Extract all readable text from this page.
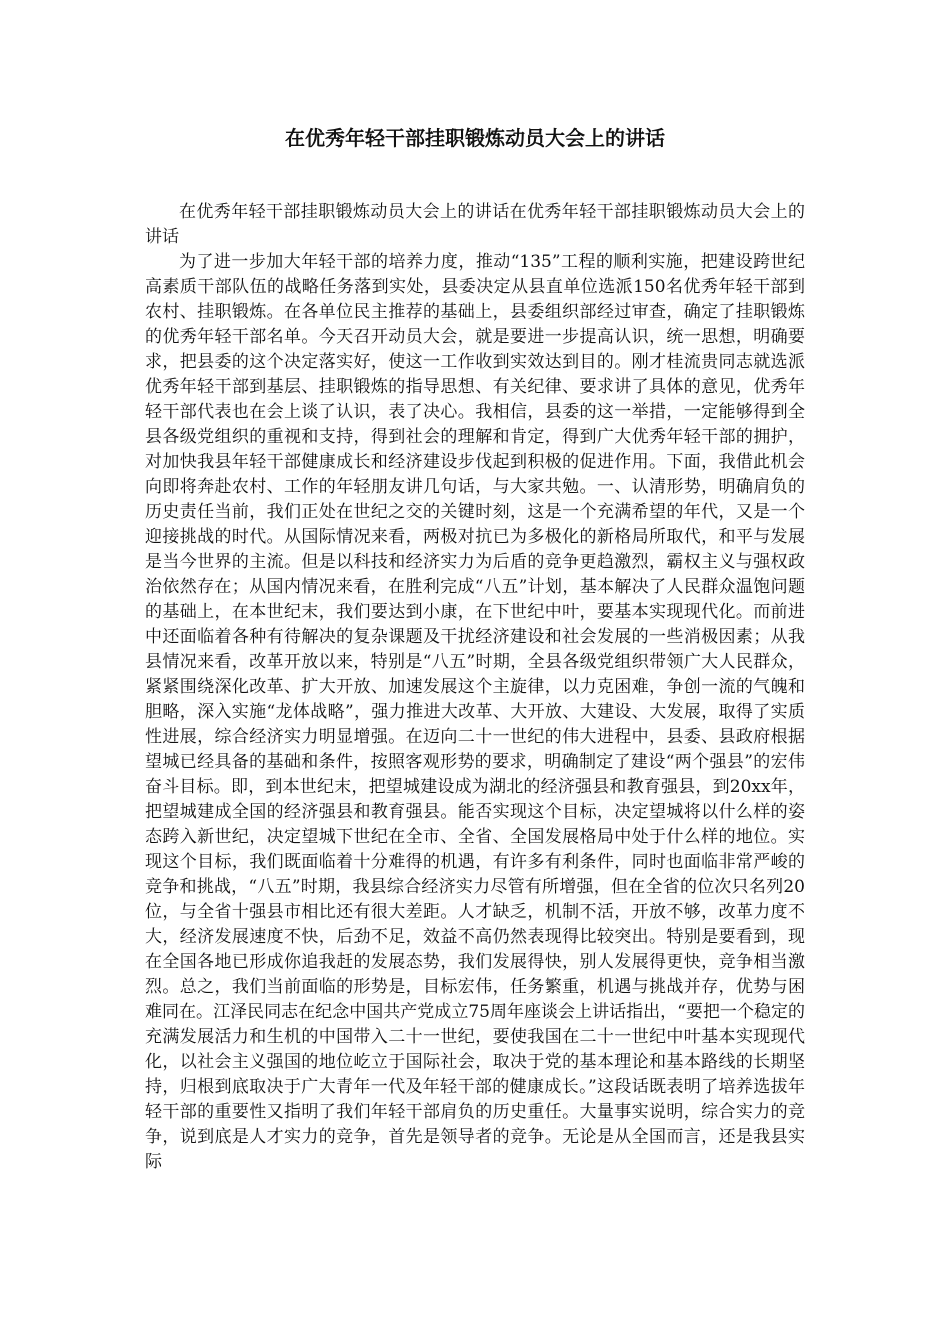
在优秀年轻干部挂职锻炼动员大会上的讲话

在优秀年轻干部挂职锻炼动员大会上的讲话在优秀年轻干部挂职锻炼动员大会上的讲话

为了进一步加大年轻干部的培养力度，推动“135”工程的顺利实施，把建设跨世纪高素质干部队伍的战略任务落到实处，县委决定从县直单位选派150名优秀年轻干部到农村、挂职锻炼。在各单位民主推荐的基础上，县委组织部经过审查，确定了挂职锻炼的优秀年轻干部名单。今天召开动员大会，就是要进一步提高认识，统一思想，明确要求，把县委的这个决定落实好，使这一工作收到实效达到目的。刚才桂流贵同志就选派优秀年轻干部到基层、挂职锻炼的指导思想、有关纪律、要求讲了具体的意见，优秀年轻干部代表也在会上谈了认识，表了决心。我相信，县委的这一举措，一定能够得到全县各级党组织的重视和支持，得到社会的理解和肯定，得到广大优秀年轻干部的拥护，对加快我县年轻干部健康成长和经济建设步伐起到积极的促进作用。下面，我借此机会向即将奔赴农村、工作的年轻朋友讲几句话，与大家共勉。一、认清形势，明确肩负的历史责任当前，我们正处在世纪之交的关键时刻，这是一个充满希望的年代，又是一个迎接挑战的时代。从国际情况来看，两极对抗已为多极化的新格局所取代，和平与发展是当今世界的主流。但是以科技和经济实力为后盾的竞争更趋激烈，霸权主义与强权政治依然存在；从国内情况来看，在胜利完成“八五”计划，基本解决了人民群众温饱问题的基础上，在本世纪末，我们要达到小康，在下世纪中叶，要基本实现现代化。而前进中还面临着各种有待解决的复杂课题及干扰经济建设和社会发展的一些消极因素；从我县情况来看，改革开放以来，特别是“八五”时期，全县各级党组织带领广大人民群众，紧紧围绕深化改革、扩大开放、加速发展这个主旋律，以力克困难，争创一流的气魄和胆略，深入实施“龙体战略”，强力推进大改革、大开放、大建设、大发展，取得了实质性进展，综合经济实力明显增强。在迈向二十一世纪的伟大进程中，县委、县政府根据望城已经具备的基础和条件，按照客观形势的要求，明确制定了建设“两个强县”的宏伟奋斗目标。即，到本世纪末，把望城建设成为湖北的经济强县和教育强县，到20xx年，把望城建成全国的经济强县和教育强县。能否实现这个目标，决定望城将以什么样的姿态跨入新世纪，决定望城下世纪在全市、全省、全国发展格局中处于什么样的地位。实现这个目标，我们既面临着十分难得的机遇，有许多有利条件，同时也面临非常严峻的竞争和挑战，“八五”时期，我县综合经济实力尽管有所增强，但在全省的位次只名列20位，与全省十强县市相比还有很大差距。人才缺乏，机制不活，开放不够，改革力度不大，经济发展速度不快，后劲不足，效益不高仍然表现得比较突出。特别是要看到，现在全国各地已形成你追我赶的发展态势，我们发展得快，别人发展得更快，竞争相当激烈。总之，我们当前面临的形势是，目标宏伟，任务繁重，机遇与挑战并存，优势与困难同在。江泽民同志在纪念中国共产党成立75周年座谈会上讲话指出，“要把一个稳定的充满发展活力和生机的中国带入二十一世纪，要使我国在二十一世纪中叶基本实现现代化，以社会主义强国的地位屹立于国际社会，取决于党的基本理论和基本路线的长期坚持，归根到底取决于广大青年一代及年轻干部的健康成长。”这段话既表明了培养选拔年轻干部的重要性又指明了我们年轻干部肩负的历史重任。大量事实说明，综合实力的竞争，说到底是人才实力的竞争，首先是领导者的竞争。无论是从全国而言，还是我县实际
